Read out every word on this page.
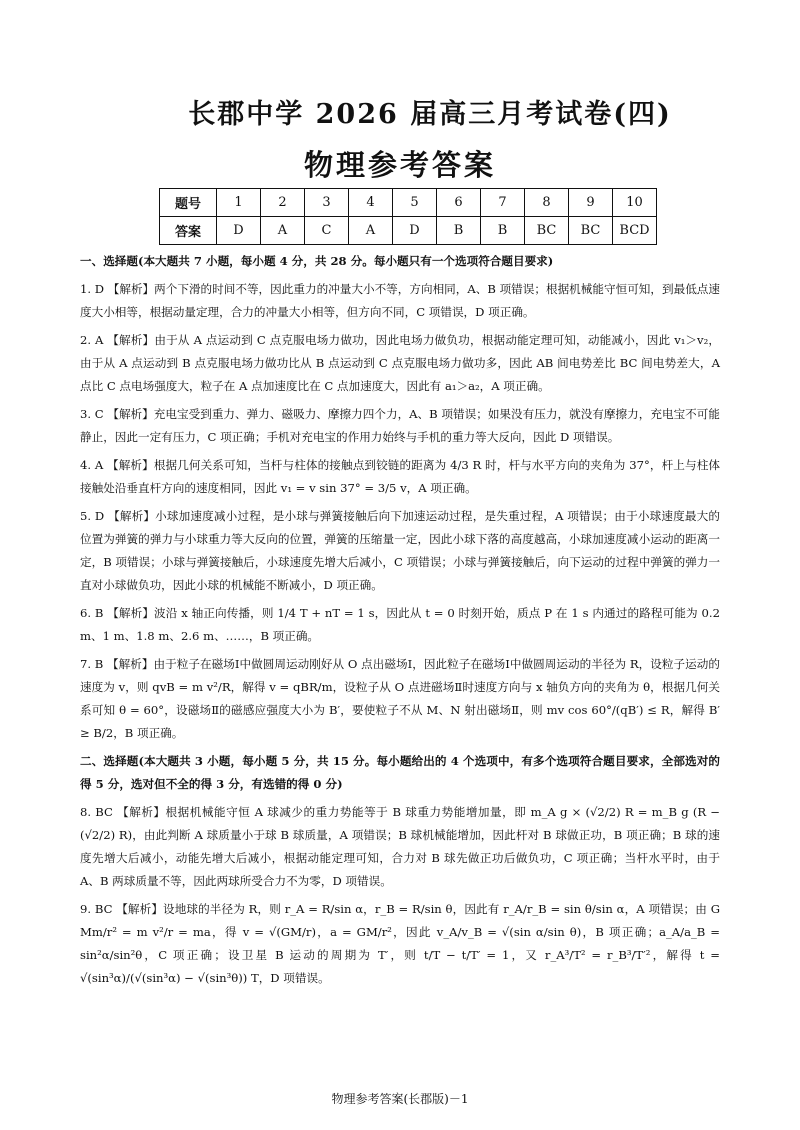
长郡中学 2026 届高三月考试卷(四)
物理参考答案
题号	1	2	3	4	5	6	7	8	9	10
答案	D	A	C	A	D	B	B	BC	BC	BCD

一、选择题(本大题共 7 小题，每小题 4 分，共 28 分。每小题只有一个选项符合题目要求)

1. D 【解析】两个下滑的时间不等，因此重力的冲量大小不等，方向相同，A、B 项错误；根据机械能守恒可知，到最低点速度大小相等，根据动量定理，合力的冲量大小相等，但方向不同，C 项错误，D 项正确。

2. A 【解析】由于从 A 点运动到 C 点克服电场力做功，因此电场力做负功，根据动能定理可知，动能减小，因此 v₁＞v₂，由于从 A 点运动到 B 点克服电场力做功比从 B 点运动到 C 点克服电场力做功多，因此 AB 间电势差比 BC 间电势差大，A 点比 C 点电场强度大，粒子在 A 点加速度比在 C 点加速度大，因此有 a₁＞a₂，A 项正确。

3. C 【解析】充电宝受到重力、弹力、磁吸力、摩擦力四个力，A、B 项错误；如果没有压力，就没有摩擦力，充电宝不可能静止，因此一定有压力，C 项正确；手机对充电宝的作用力始终与手机的重力等大反向，因此 D 项错误。

4. A 【解析】根据几何关系可知，当杆与柱体的接触点到铰链的距离为 4/3 R 时，杆与水平方向的夹角为 37°，杆上与柱体接触处沿垂直杆方向的速度相同，因此 v₁ = v sin 37° = 3/5 v，A 项正确。

5. D 【解析】小球加速度减小过程，是小球与弹簧接触后向下加速运动过程，是失重过程，A 项错误；由于小球速度最大的位置为弹簧的弹力与小球重力等大反向的位置，弹簧的压缩量一定，因此小球下落的高度越高，小球加速度减小运动的距离一定，B 项错误；小球与弹簧接触后，小球速度先增大后减小，C 项错误；小球与弹簧接触后，向下运动的过程中弹簧的弹力一直对小球做负功，因此小球的机械能不断减小，D 项正确。

6. B 【解析】波沿 x 轴正向传播，则 1/4 T + nT = 1 s，因此从 t = 0 时刻开始，质点 P 在 1 s 内通过的路程可能为 0.2 m、1 m、1.8 m、2.6 m、……，B 项正确。

7. B 【解析】由于粒子在磁场Ⅰ中做圆周运动刚好从 O 点出磁场Ⅰ，因此粒子在磁场Ⅰ中做圆周运动的半径为 R，设粒子运动的速度为 v，则 qvB = m v²/R，解得 v = qBR/m，设粒子从 O 点进磁场Ⅱ时速度方向与 x 轴负方向的夹角为 θ，根据几何关系可知 θ = 60°，设磁场Ⅱ的磁感应强度大小为 B′，要使粒子不从 M、N 射出磁场Ⅱ，则 mv cos 60°/(qB′) ≤ R，解得 B′ ≥ B/2，B 项正确。

二、选择题(本大题共 3 小题，每小题 5 分，共 15 分。每小题给出的 4 个选项中，有多个选项符合题目要求，全部选对的得 5 分，选对但不全的得 3 分，有选错的得 0 分)

8. BC 【解析】根据机械能守恒 A 球减少的重力势能等于 B 球重力势能增加量，即 m_A g × (√2/2) R = m_B g (R − (√2/2) R)，由此判断 A 球质量小于球 B 球质量，A 项错误；B 球机械能增加，因此杆对 B 球做正功，B 项正确；B 球的速度先增大后减小，动能先增大后减小，根据动能定理可知，合力对 B 球先做正功后做负功，C 项正确；当杆水平时，由于 A、B 两球质量不等，因此两球所受合力不为零，D 项错误。

9. BC 【解析】设地球的半径为 R，则 r_A = R/sin α，r_B = R/sin θ，因此有 r_A/r_B = sin θ/sin α，A 项错误；由 G Mm/r² = m v²/r = ma，得 v = √(GM/r)，a = GM/r²，因此 v_A/v_B = √(sin α/sin θ)，B 项正确；a_A/a_B = sin²α/sin²θ，C 项正确；设卫星 B 运动的周期为 T′，则 t/T − t/T′ = 1，又 r_A³/T² = r_B³/T′²，解得 t = √(sin³α)/(√(sin³α) − √(sin³θ)) T，D 项错误。

物理参考答案(长郡版)－1
